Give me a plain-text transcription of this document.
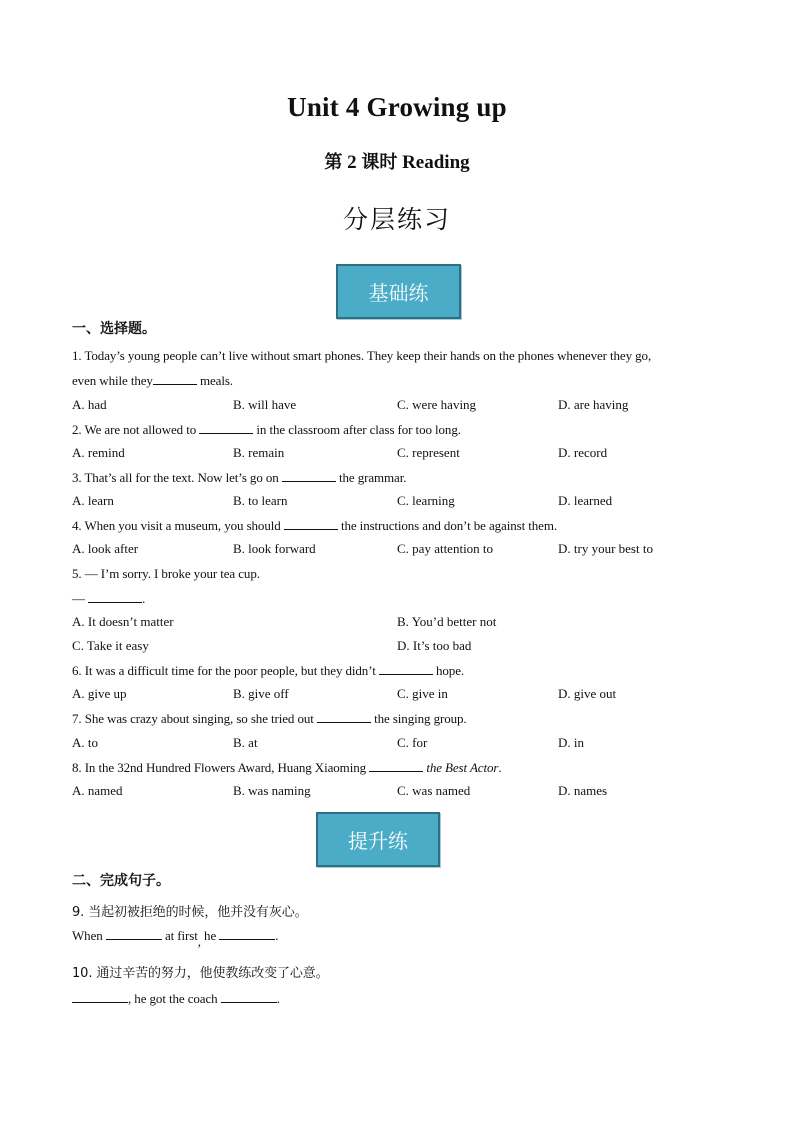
Unit 4 Growing up
第 2 课时 Reading
分层练习
基础练
一、选择题。
1. Today’s young people can’t live without smart phones. They keep their hands on the phones whenever they go,
even while they	meals.
A. had	B. will have	C. were having	D. are having
2. We are not allowed to	in the classroom after class for too long.
A. remind	B. remain	C. represent	D. record
3. That’s all for the text. Now let’s go on	the grammar.
A. learn	B. to learn	C. learning	D. learned
4. When you visit a museum, you should	the instructions and don’t be against them.
A. look after	B. look forward	C. pay attention to	D. try your best to
5. — I’m sorry. I broke your tea cup.
—	.
A. It doesn’t matter	B. You’d better not
C. Take it easy	D. It’s too bad
6. It was a difficult time for the poor people, but they didn’t	hope.
A. give up	B. give off	C. give in	D. give out
7. She was crazy about singing, so she tried out	the singing group.
A. to	B. at	C. for	D. in
8. In the 32nd Hundred Flowers Award, Huang Xiaoming	the Best Actor.
A. named	B. was naming	C. was named	D. names
提升练
二、完成句子。
9. 当起初被拒绝的时候，他并没有灰心。
When	at first, he	.
10. 通过辛苦的努力，他使教练改变了心意。
, he got the coach	.
